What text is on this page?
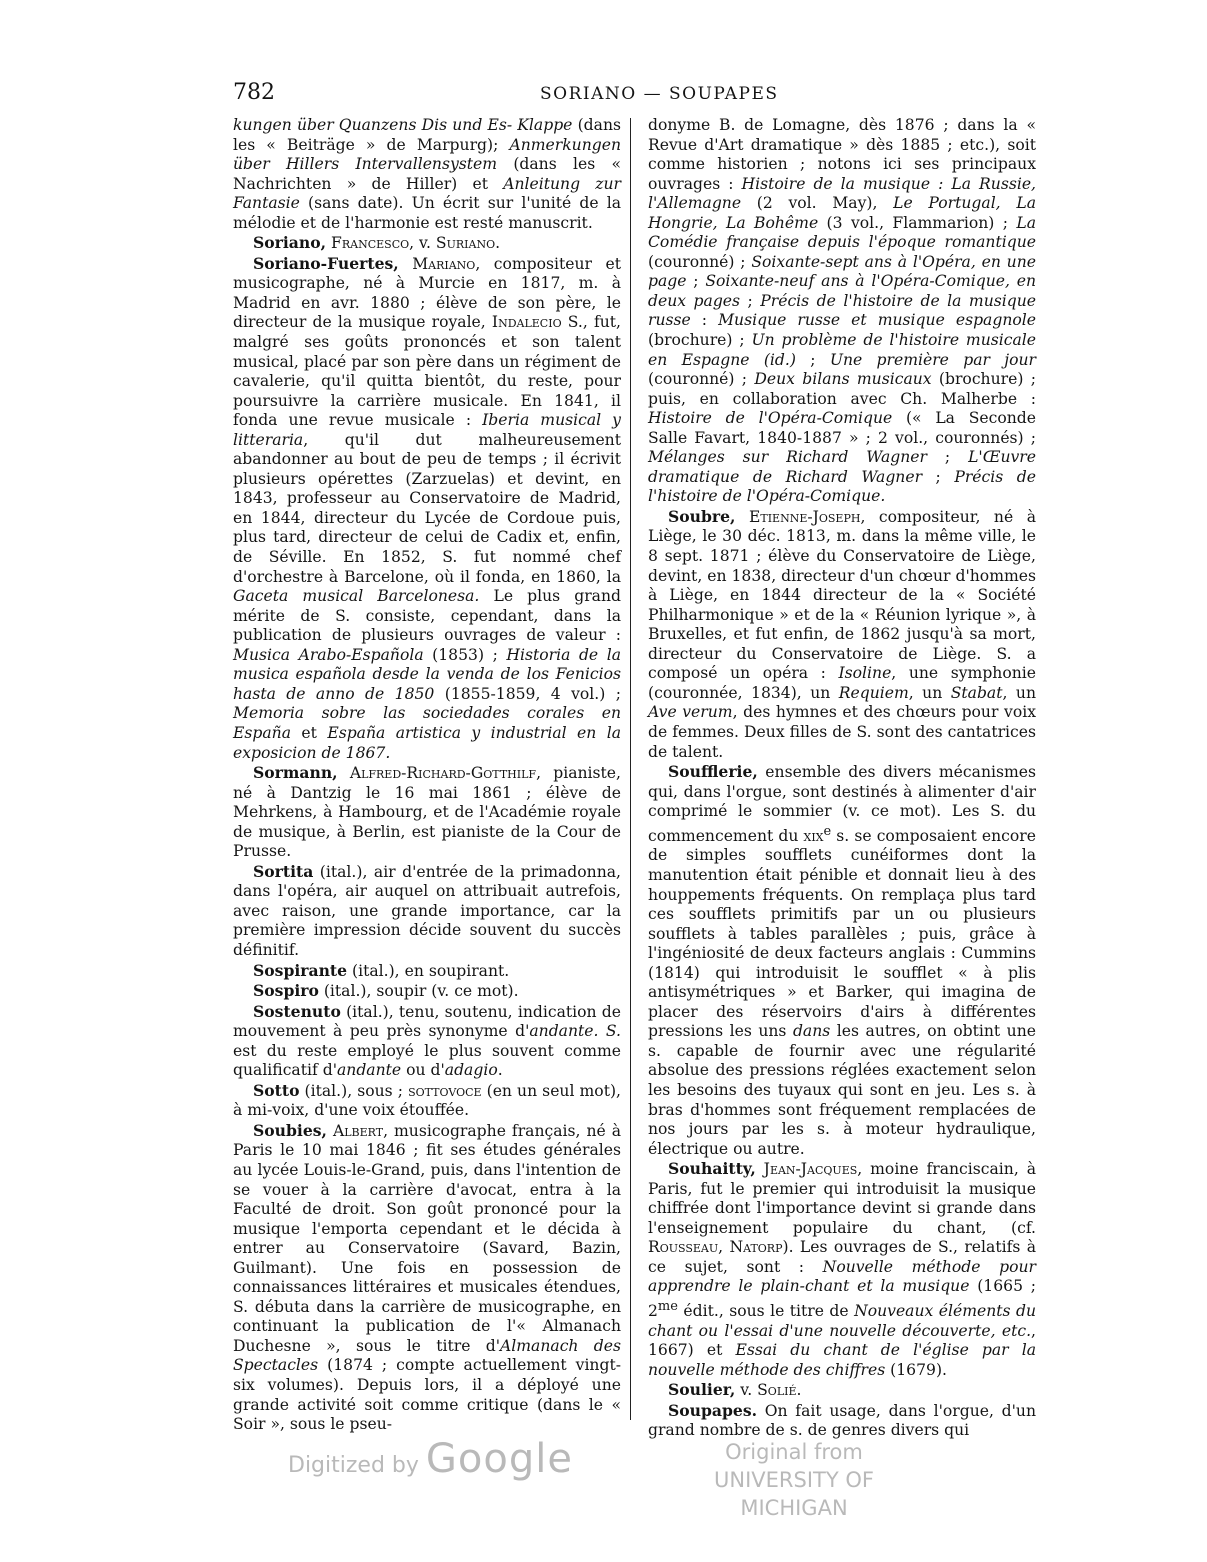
782	SORIANO — SOUPAPES

kungen über Quanzens Dis und Es- Klappe (dans les « Beiträge » de Marpurg); Anmerkungen über Hillers Intervallensystem (dans les « Nachrichten » de Hiller) et Anleitung zur Fantasie (sans date). Un écrit sur l'unité de la mélodie et de l'harmonie est resté manuscrit.

Soriano, Francesco, v. Suriano.

Soriano-Fuertes, Mariano, compositeur et musicographe, né à Murcie en 1817, m. à Madrid en avr. 1880 ; élève de son père, le directeur de la musique royale, Indalecio S., fut, malgré ses goûts prononcés et son talent musical, placé par son père dans un régiment de cavalerie, qu'il quitta bientôt, du reste, pour poursuivre la carrière musicale. En 1841, il fonda une revue musicale : Iberia musical y litteraria, qu'il dut malheureusement abandonner au bout de peu de temps ; il écrivit plusieurs opérettes (Zarzuelas) et devint, en 1843, professeur au Conservatoire de Madrid, en 1844, directeur du Lycée de Cordoue puis, plus tard, directeur de celui de Cadix et, enfin, de Séville. En 1852, S. fut nommé chef d'orchestre à Barcelone, où il fonda, en 1860, la Gaceta musical Barcelonesa. Le plus grand mérite de S. consiste, cependant, dans la publication de plusieurs ouvrages de valeur : Musica Arabo-Española (1853) ; Historia de la musica española desde la venda de los Fenicios hasta de anno de 1850 (1855-1859, 4 vol.) ; Memoria sobre las sociedades corales en España et España artistica y industrial en la exposicion de 1867.

Sormann, Alfred-Richard-Gotthilf, pianiste, né à Dantzig le 16 mai 1861 ; élève de Mehrkens, à Hambourg, et de l'Académie royale de musique, à Berlin, est pianiste de la Cour de Prusse.

Sortita (ital.), air d'entrée de la primadonna, dans l'opéra, air auquel on attribuait autrefois, avec raison, une grande importance, car la première impression décide souvent du succès définitif.

Sospirante (ital.), en soupirant.

Sospiro (ital.), soupir (v. ce mot).

Sostenuto (ital.), tenu, soutenu, indication de mouvement à peu près synonyme d'andante. S. est du reste employé le plus souvent comme qualificatif d'andante ou d'adagio.

Sotto (ital.), sous ; sottovoce (en un seul mot), à mi-voix, d'une voix étouffée.

Soubies, Albert, musicographe français, né à Paris le 10 mai 1846 ; fit ses études générales au lycée Louis-le-Grand, puis, dans l'intention de se vouer à la carrière d'avocat, entra à la Faculté de droit. Son goût prononcé pour la musique l'emporta cependant et le décida à entrer au Conservatoire (Savard, Bazin, Guilmant). Une fois en possession de connaissances littéraires et musicales étendues, S. débuta dans la carrière de musicographe, en continuant la publication de l'« Almanach Duchesne », sous le titre d'Almanach des Spectacles (1874 ; compte actuellement vingt-six volumes). Depuis lors, il a déployé une grande activité soit comme critique (dans le « Soir », sous le pseu-

donyme B. de Lomagne, dès 1876 ; dans la « Revue d'Art dramatique » dès 1885 ; etc.), soit comme historien ; notons ici ses principaux ouvrages : Histoire de la musique : La Russie, l'Allemagne (2 vol. May), Le Portugal, La Hongrie, La Bohême (3 vol., Flammarion) ; La Comédie française depuis l'époque romantique (couronné) ; Soixante-sept ans à l'Opéra, en une page ; Soixante-neuf ans à l'Opéra-Comique, en deux pages ; Précis de l'histoire de la musique russe : Musique russe et musique espagnole (brochure) ; Un problème de l'histoire musicale en Espagne (id.) ; Une première par jour (couronné) ; Deux bilans musicaux (brochure) ; puis, en collaboration avec Ch. Malherbe : Histoire de l'Opéra-Comique (« La Seconde Salle Favart, 1840-1887 » ; 2 vol., couronnés) ; Mélanges sur Richard Wagner ; L'Œuvre dramatique de Richard Wagner ; Précis de l'histoire de l'Opéra-Comique.

Soubre, Etienne-Joseph, compositeur, né à Liège, le 30 déc. 1813, m. dans la même ville, le 8 sept. 1871 ; élève du Conservatoire de Liège, devint, en 1838, directeur d'un chœur d'hommes à Liège, en 1844 directeur de la « Société Philharmonique » et de la « Réunion lyrique », à Bruxelles, et fut enfin, de 1862 jusqu'à sa mort, directeur du Conservatoire de Liège. S. a composé un opéra : Isoline, une symphonie (couronnée, 1834), un Requiem, un Stabat, un Ave verum, des hymnes et des chœurs pour voix de femmes. Deux filles de S. sont des cantatrices de talent.

Soufflerie, ensemble des divers mécanismes qui, dans l'orgue, sont destinés à alimenter d'air comprimé le sommier (v. ce mot). Les S. du commencement du xix$^e$ s. se composaient encore de simples soufflets cunéiformes dont la manutention était pénible et donnait lieu à des houppements fréquents. On remplaça plus tard ces soufflets primitifs par un ou plusieurs soufflets à tables parallèles ; puis, grâce à l'ingéniosité de deux facteurs anglais : Cummins (1814) qui introduisit le soufflet « à plis antisymétriques » et Barker, qui imagina de placer des réservoirs d'airs à différentes pressions les uns dans les autres, on obtint une s. capable de fournir avec une régularité absolue des pressions réglées exactement selon les besoins des tuyaux qui sont en jeu. Les s. à bras d'hommes sont fréquement remplacées de nos jours par les s. à moteur hydraulique, électrique ou autre.

Souhaitty, Jean-Jacques, moine franciscain, à Paris, fut le premier qui introduisit la musique chiffrée dont l'importance devint si grande dans l'enseignement populaire du chant, (cf. Rousseau, Natorp). Les ouvrages de S., relatifs à ce sujet, sont : Nouvelle méthode pour apprendre le plain-chant et la musique (1665 ; $2^{me}$ édit., sous le titre de Nouveaux éléments du chant ou l'essai d'une nouvelle découverte, etc., 1667) et Essai du chant de l'église par la nouvelle méthode des chiffres (1679).

Soulier, v. Solié.

Soupapes. On fait usage, dans l'orgue, d'un grand nombre de s. de genres divers qui

Digitized by Google	Original from
UNIVERSITY OF MICHIGAN
